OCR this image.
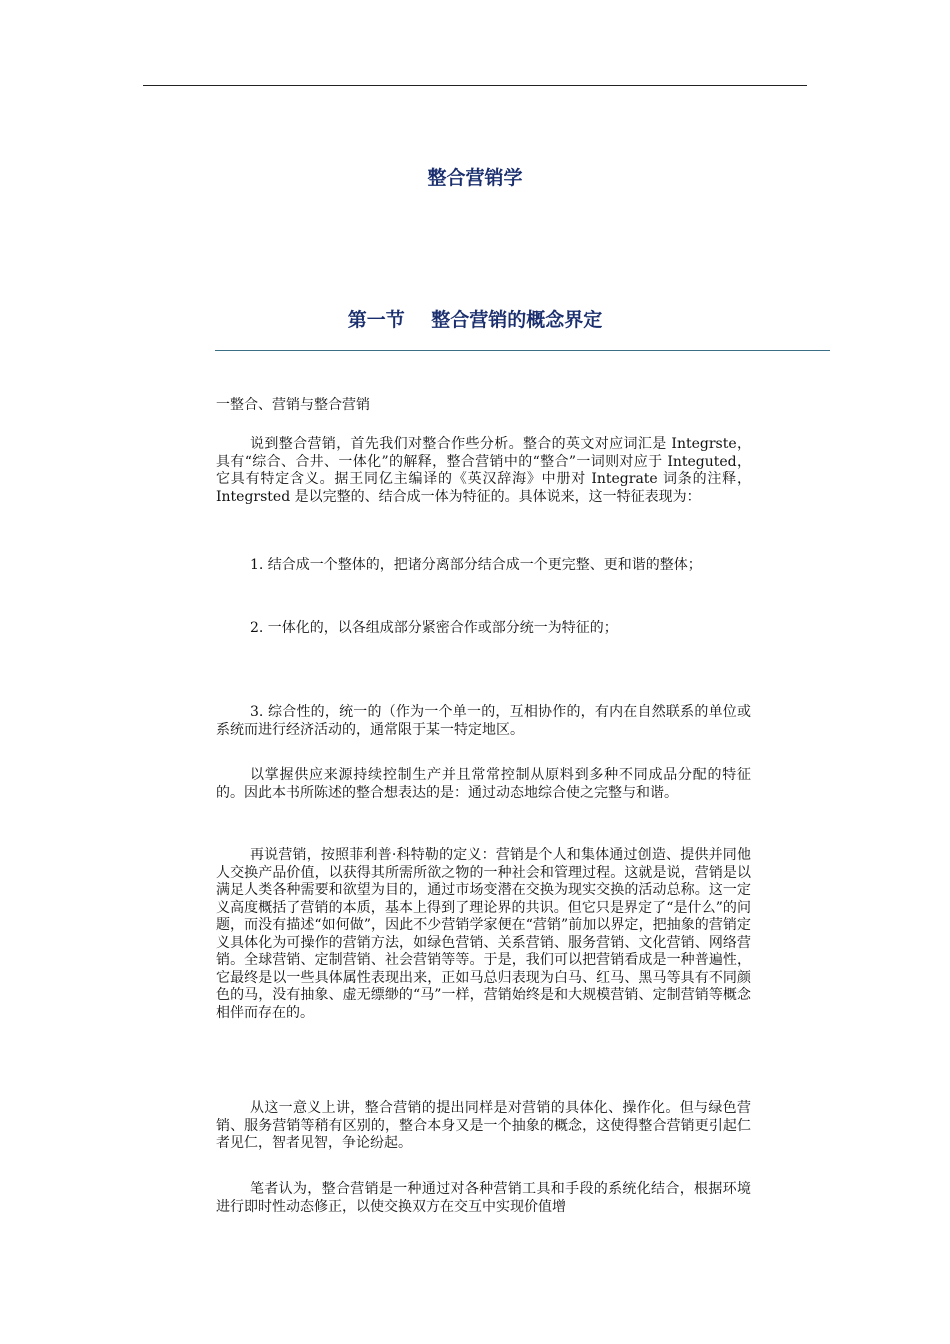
整合营销学
第一节 整合营销的概念界定
一整合、营销与整合营销

说到整合营销，首先我们对整合作些分析。整合的英文对应词汇是 Integrste，具有“综合、合井、一体化”的解释，整合营销中的“整合”一词则对应于 Integuted，它具有特定含义。据王同亿主编译的《英汉辞海》中册对 Integrate 词条的注释，Integrsted 是以完整的、结合成一体为特征的。具体说来，这一特征表现为：

1. 结合成一个整体的，把诸分离部分结合成一个更完整、更和谐的整体；

2. 一体化的，以各组成部分紧密合作或部分统一为特征的；

3. 综合性的，统一的（作为一个单一的，互相协作的，有内在自然联系的单位或系统而进行经济活动的，通常限于某一特定地区。

以掌握供应来源持续控制生产并且常常控制从原料到多种不同成品分配的特征的。因此本书所陈述的整合想表达的是：通过动态地综合使之完整与和谐。

再说营销，按照菲利普·科特勒的定义：营销是个人和集体通过创造、提供并同他人交换产品价值，以获得其所需所欲之物的一种社会和管理过程。这就是说，营销是以满足人类各种需要和欲望为目的，通过市场变潜在交换为现实交换的活动总称。这一定义高度概括了营销的本质，基本上得到了理论界的共识。但它只是界定了“是什么”的问题，而没有描述“如何做”，因此不少营销学家便在“营销”前加以界定，把抽象的营销定义具体化为可操作的营销方法，如绿色营销、关系营销、服务营销、文化营销、网络营销。全球营销、定制营销、社会营销等等。于是，我们可以把营销看成是一种普遍性，它最终是以一些具体属性表现出来，正如马总归表现为白马、红马、黑马等具有不同颜色的马，没有抽象、虚无缥缈的“马”一样，营销始终是和大规模营销、定制营销等概念相伴而存在的。

从这一意义上讲，整合营销的提出同样是对营销的具体化、操作化。但与绿色营销、服务营销等稍有区别的，整合本身又是一个抽象的概念，这使得整合营销更引起仁者见仁，智者见智，争论纷起。

笔者认为，整合营销是一种通过对各种营销工具和手段的系统化结合，根据环境进行即时性动态修正，以使交换双方在交互中实现价值增
